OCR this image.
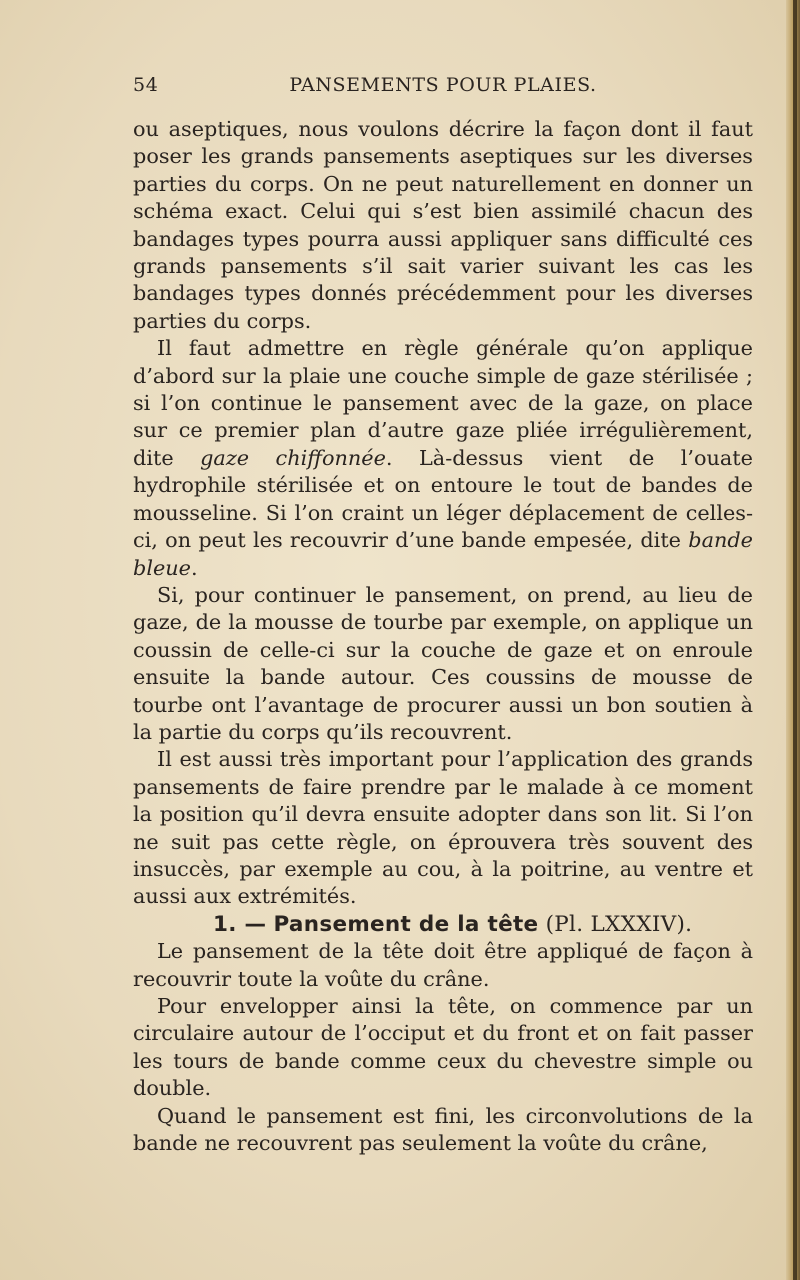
54	PANSEMENTS POUR PLAIES.

ou aseptiques, nous voulons décrire la façon dont il faut poser les grands pansements aseptiques sur les diverses parties du corps. On ne peut naturellement en donner un schéma exact. Celui qui s’est bien assimilé chacun des bandages types pourra aussi appliquer sans difficulté ces grands pansements s’il sait varier suivant les cas les bandages types donnés précédemment pour les diverses parties du corps.

Il faut admettre en règle générale qu’on applique d’abord sur la plaie une couche simple de gaze stérilisée ; si l’on continue le pansement avec de la gaze, on place sur ce premier plan d’autre gaze pliée irrégulièrement, dite gaze chiffonnée. Là-dessus vient de l’ouate hydrophile stérilisée et on entoure le tout de bandes de mousseline. Si l’on craint un léger déplacement de celles-ci, on peut les recouvrir d’une bande empesée, dite bande bleue.

Si, pour continuer le pansement, on prend, au lieu de gaze, de la mousse de tourbe par exemple, on applique un coussin de celle-ci sur la couche de gaze et on enroule ensuite la bande autour. Ces coussins de mousse de tourbe ont l’avantage de procurer aussi un bon soutien à la partie du corps qu’ils recouvrent.

Il est aussi très important pour l’application des grands pansements de faire prendre par le malade à ce moment la position qu’il devra ensuite adopter dans son lit. Si l’on ne suit pas cette règle, on éprouvera très souvent des insuccès, par exemple au cou, à la poitrine, au ventre et aussi aux extrémités.

1. — Pansement de la tête (Pl. LXXXIV).

Le pansement de la tête doit être appliqué de façon à recouvrir toute la voûte du crâne.

Pour envelopper ainsi la tête, on commence par un circulaire autour de l’occiput et du front et on fait passer les tours de bande comme ceux du chevestre simple ou double.

Quand le pansement est fini, les circonvolutions de la bande ne recouvrent pas seulement la voûte du crâne,
